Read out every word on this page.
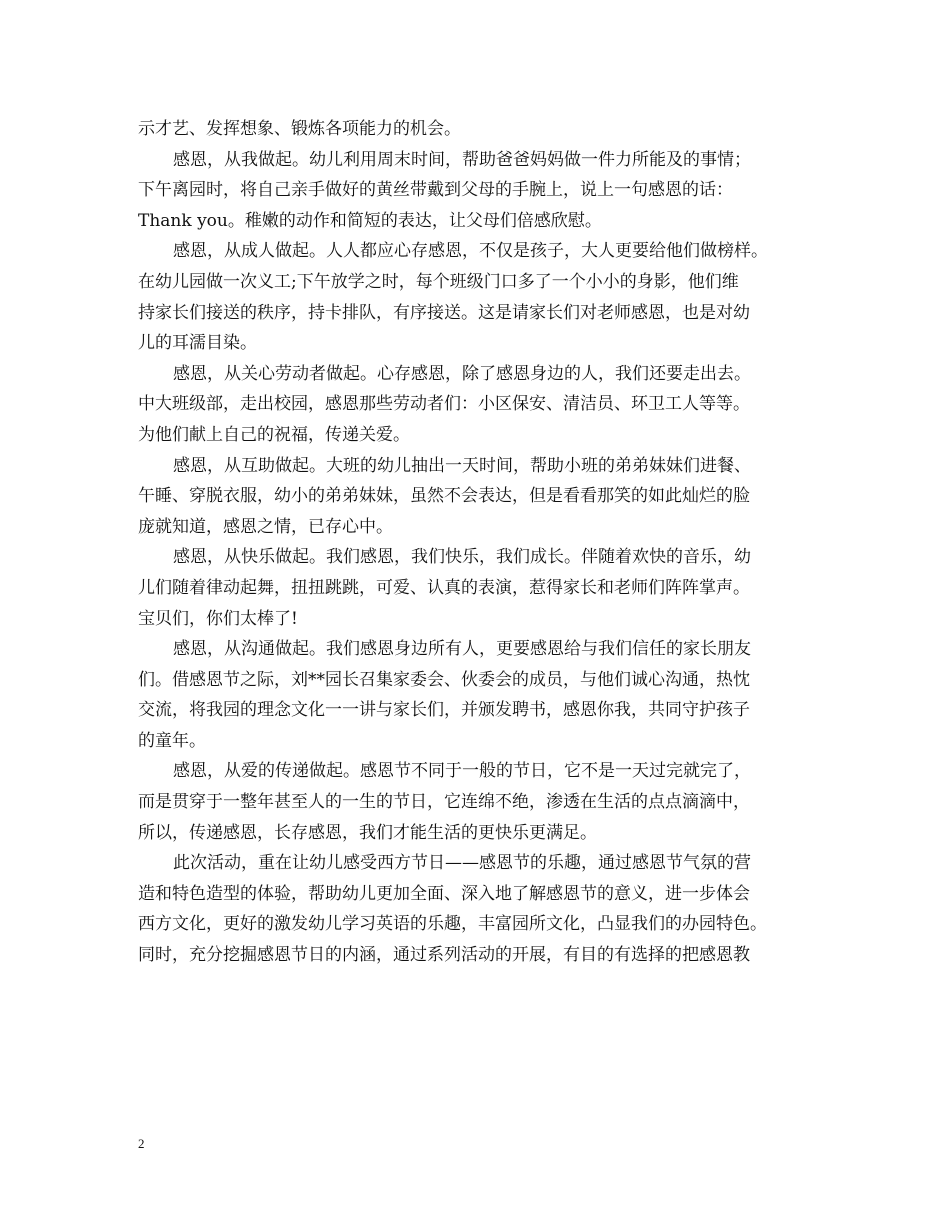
示才艺、发挥想象、锻炼各项能力的机会。
感恩，从我做起。幼儿利用周末时间，帮助爸爸妈妈做一件力所能及的事情；
下午离园时，将自己亲手做好的黄丝带戴到父母的手腕上，说上一句感恩的话：
Thank you。稚嫩的动作和简短的表达，让父母们倍感欣慰。
感恩，从成人做起。人人都应心存感恩，不仅是孩子，大人更要给他们做榜样。
在幼儿园做一次义工;下午放学之时，每个班级门口多了一个小小的身影，他们维
持家长们接送的秩序，持卡排队，有序接送。这是请家长们对老师感恩，也是对幼
儿的耳濡目染。
感恩，从关心劳动者做起。心存感恩，除了感恩身边的人，我们还要走出去。
中大班级部，走出校园，感恩那些劳动者们：小区保安、清洁员、环卫工人等等。
为他们献上自己的祝福，传递关爱。
感恩，从互助做起。大班的幼儿抽出一天时间，帮助小班的弟弟妹妹们进餐、
午睡、穿脱衣服，幼小的弟弟妹妹，虽然不会表达，但是看看那笑的如此灿烂的脸
庞就知道，感恩之情，已存心中。
感恩，从快乐做起。我们感恩，我们快乐，我们成长。伴随着欢快的音乐，幼
儿们随着律动起舞，扭扭跳跳，可爱、认真的表演，惹得家长和老师们阵阵掌声。
宝贝们，你们太棒了!
感恩，从沟通做起。我们感恩身边所有人，更要感恩给与我们信任的家长朋友
们。借感恩节之际，刘**园长召集家委会、伙委会的成员，与他们诚心沟通，热忱
交流，将我园的理念文化一一讲与家长们，并颁发聘书，感恩你我，共同守护孩子
的童年。
感恩，从爱的传递做起。感恩节不同于一般的节日，它不是一天过完就完了，
而是贯穿于一整年甚至人的一生的节日，它连绵不绝，渗透在生活的点点滴滴中，
所以，传递感恩，长存感恩，我们才能生活的更快乐更满足。
此次活动，重在让幼儿感受西方节日——感恩节的乐趣，通过感恩节气氛的营
造和特色造型的体验，帮助幼儿更加全面、深入地了解感恩节的意义，进一步体会
西方文化，更好的激发幼儿学习英语的乐趣，丰富园所文化，凸显我们的办园特色。
同时，充分挖掘感恩节日的内涵，通过系列活动的开展，有目的有选择的把感恩教
2
